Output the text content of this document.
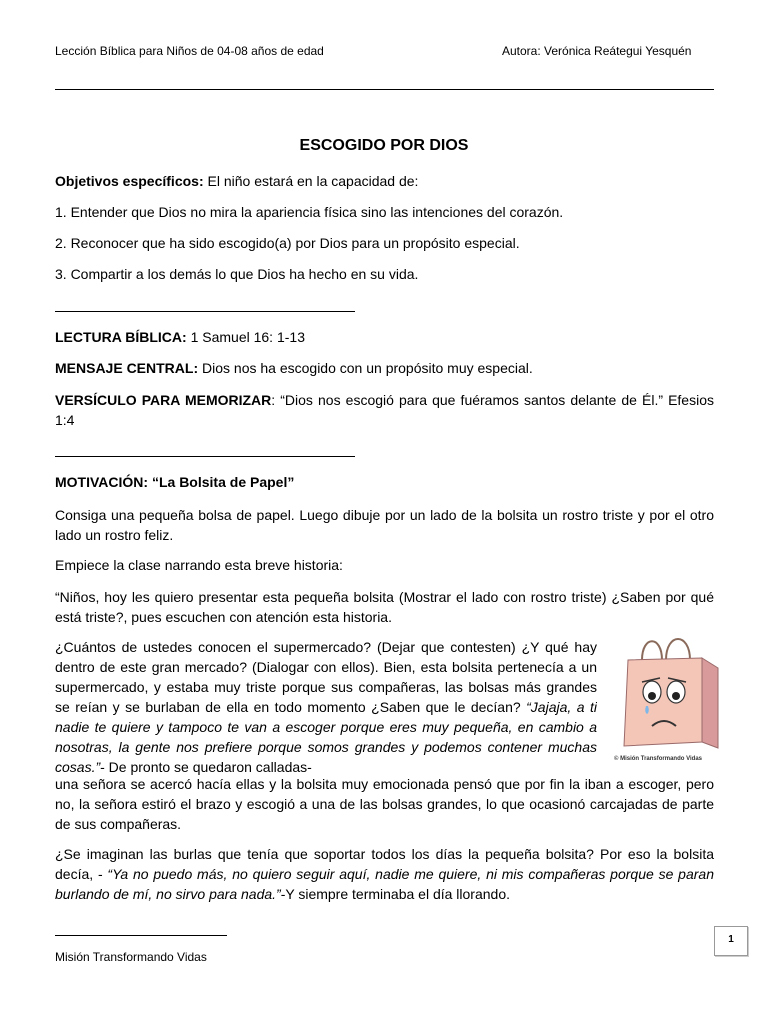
Lección Bíblica para Niños de 04-08 años de edad	Autora: Verónica Reátegui Yesquén
ESCOGIDO POR DIOS
Objetivos específicos: El niño estará en la capacidad de:
1. Entender que Dios no mira la apariencia física sino las intenciones del corazón.
2. Reconocer que ha sido escogido(a) por Dios para un propósito especial.
3. Compartir a los demás lo que Dios ha hecho en su vida.
LECTURA BÍBLICA: 1 Samuel 16: 1-13
MENSAJE CENTRAL: Dios nos ha escogido con un propósito muy especial.
VERSÍCULO PARA MEMORIZAR: “Dios nos escogió para que fuéramos santos delante de Él.” Efesios 1:4
MOTIVACIÓN: “La Bolsita de Papel”
Consiga una pequeña bolsa de papel. Luego dibuje por un lado de la bolsita un rostro triste y por el otro lado un rostro feliz.
Empiece la clase narrando esta breve historia:
“Niños, hoy les quiero presentar esta pequeña bolsita (Mostrar el lado con rostro triste) ¿Saben por qué está triste?, pues escuchen con atención esta historia.
¿Cuántos de ustedes conocen el supermercado? (Dejar que contesten) ¿Y qué hay dentro de este gran mercado? (Dialogar con ellos). Bien, esta bolsita pertenecía a un supermercado, y estaba muy triste porque sus compañeras, las bolsas más grandes se reían y se burlaban de ella en todo momento ¿Saben que le decían? “Jajaja, a ti nadie te quiere y tampoco te van a escoger porque eres muy pequeña, en cambio a nosotras, la gente nos prefiere porque somos grandes y podemos contener muchas cosas.”- De pronto se quedaron calladas-
una señora se acercó hacía ellas y la bolsita muy emocionada pensó que por fin la iban a escoger, pero no, la señora estiró el brazo y escogió a una de las bolsas grandes, lo que ocasionó carcajadas de parte de sus compañeras.
¿Se imaginan las burlas que tenía que soportar todos los días la pequeña bolsita? Por eso la bolsita decía, - “Ya no puedo más, no quiero seguir aquí, nadie me quiere, ni mis compañeras porque se paran burlando de mí, no sirvo para nada.”-Y siempre terminaba el día llorando.
© Misión Transformando Vidas
1
Misión Transformando Vidas
